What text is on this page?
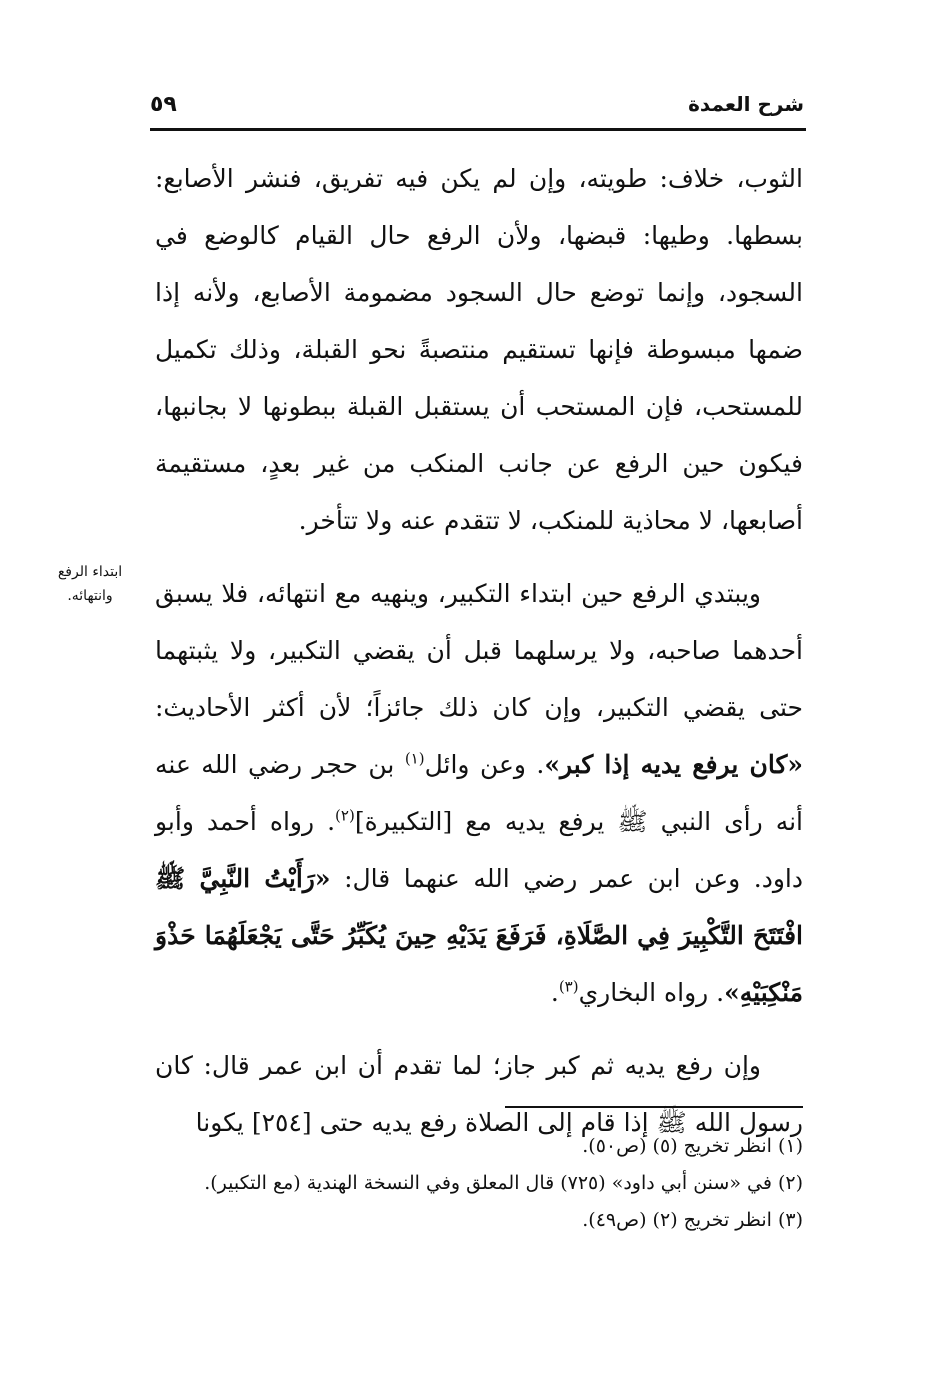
شرح العمدة
٥٩
ابتداء الرفع
وانتهائه.

الثوب، خلاف: طويته، وإن لم يكن فيه تفريق، فنشر الأصابع: بسطها. وطيها: قبضها، ولأن الرفع حال القيام كالوضع في السجود، وإنما توضع حال السجود مضمومة الأصابع، ولأنه إذا ضمها مبسوطة فإنها تستقيم منتصبةً نحو القبلة، وذلك تكميل للمستحب، فإن المستحب أن يستقبل القبلة ببطونها لا بجانبها، فيكون حين الرفع عن جانب المنكب من غير بعدٍ، مستقيمة أصابعها، لا محاذية للمنكب، لا تتقدم عنه ولا تتأخر.

ويبتدي الرفع حين ابتداء التكبير، وينهيه مع انتهائه، فلا يسبق أحدهما صاحبه، ولا يرسلهما قبل أن يقضي التكبير، ولا يثبتهما حتى يقضي التكبير، وإن كان ذلك جائزاً؛ لأن أكثر الأحاديث: «كان يرفع يديه إذا كبر». وعن وائل$^{(١)}$ بن حجر رضي الله عنه أنه رأى النبي ﷺ يرفع يديه مع [التكبيرة]$^{(٢)}$. رواه أحمد وأبو داود. وعن ابن عمر رضي الله عنهما قال: «رَأَيْتُ النَّبِيَّ ﷺ افْتَتَحَ التَّكْبِيرَ فِي الصَّلَاةِ، فَرَفَعَ يَدَيْهِ حِينَ يُكَبِّرُ حَتَّى يَجْعَلَهُمَا حَذْوَ مَنْكِبَيْهِ». رواه البخاري$^{(٣)}$.

وإن رفع يديه ثم كبر جاز؛ لما تقدم أن ابن عمر قال: كان رسول الله ﷺ إذا قام إلى الصلاة رفع يديه حتى [٢٥٤] يكونا

(١) انظر تخريج (٥) (ص٥٠).

(٢) في «سنن أبي داود» (٧٢٥) قال المعلق وفي النسخة الهندية (مع التكبير).

(٣) انظر تخريج (٢) (ص٤٩).
